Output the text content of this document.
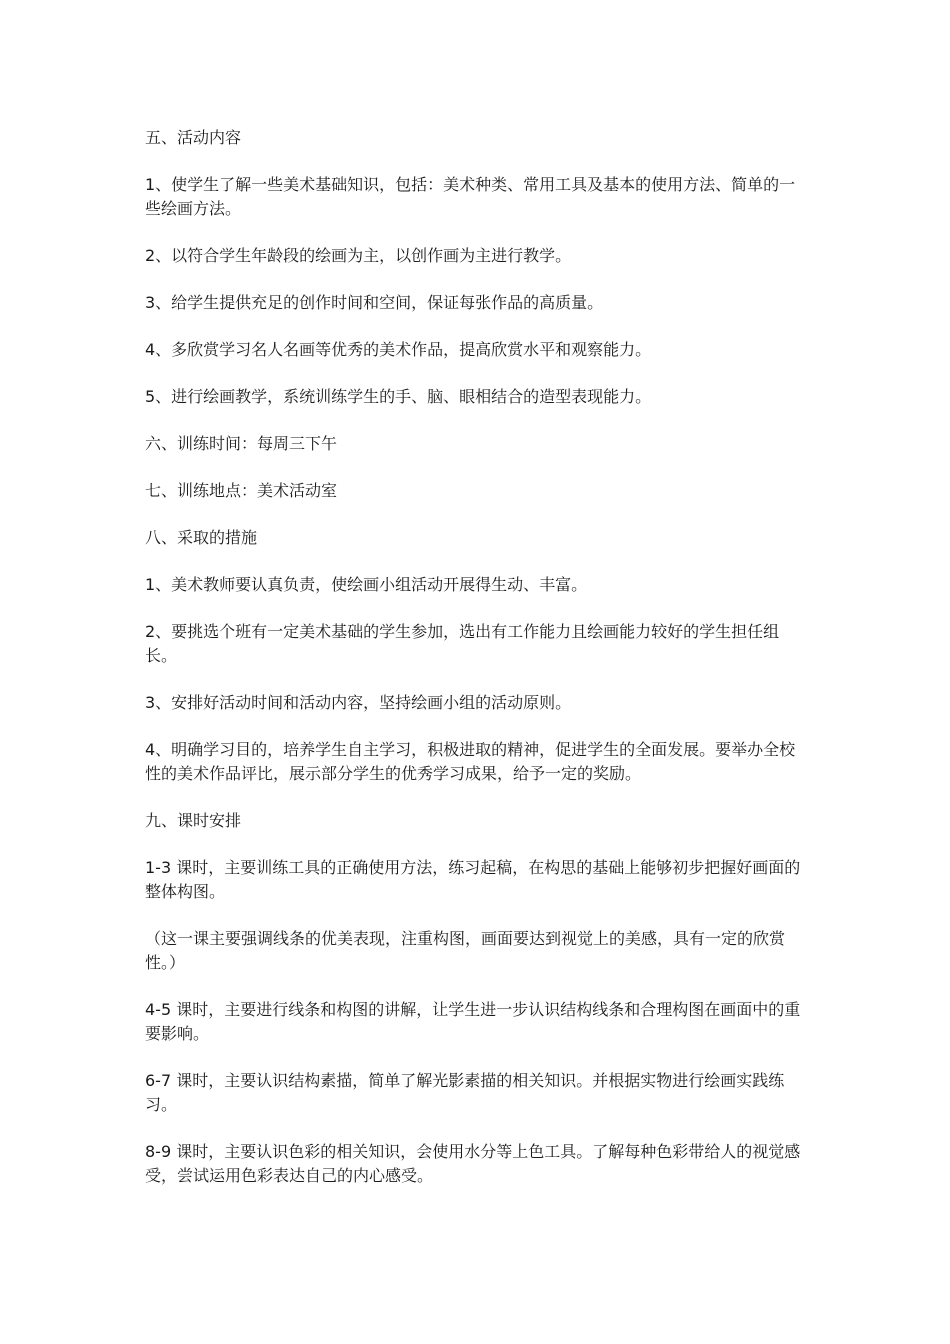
五、活动内容

1、使学生了解一些美术基础知识，包括：美术种类、常用工具及基本的使用方法、简单的一些绘画方法。

2、以符合学生年龄段的绘画为主，以创作画为主进行教学。

3、给学生提供充足的创作时间和空间，保证每张作品的高质量。

4、多欣赏学习名人名画等优秀的美术作品，提高欣赏水平和观察能力。

5、进行绘画教学，系统训练学生的手、脑、眼相结合的造型表现能力。

六、训练时间：每周三下午

七、训练地点：美术活动室

八、采取的措施

1、美术教师要认真负责，使绘画小组活动开展得生动、丰富。

2、要挑选个班有一定美术基础的学生参加，选出有工作能力且绘画能力较好的学生担任组长。

3、安排好活动时间和活动内容，坚持绘画小组的活动原则。

4、明确学习目的，培养学生自主学习，积极进取的精神，促进学生的全面发展。要举办全校性的美术作品评比，展示部分学生的优秀学习成果，给予一定的奖励。

九、课时安排

1-3 课时，主要训练工具的正确使用方法，练习起稿，在构思的基础上能够初步把握好画面的整体构图。

（这一课主要强调线条的优美表现，注重构图，画面要达到视觉上的美感，具有一定的欣赏性。）

4-5 课时，主要进行线条和构图的讲解，让学生进一步认识结构线条和合理构图在画面中的重要影响。

6-7 课时，主要认识结构素描，简单了解光影素描的相关知识。并根据实物进行绘画实践练习。

8-9 课时，主要认识色彩的相关知识，会使用水分等上色工具。了解每种色彩带给人的视觉感受，尝试运用色彩表达自己的内心感受。
